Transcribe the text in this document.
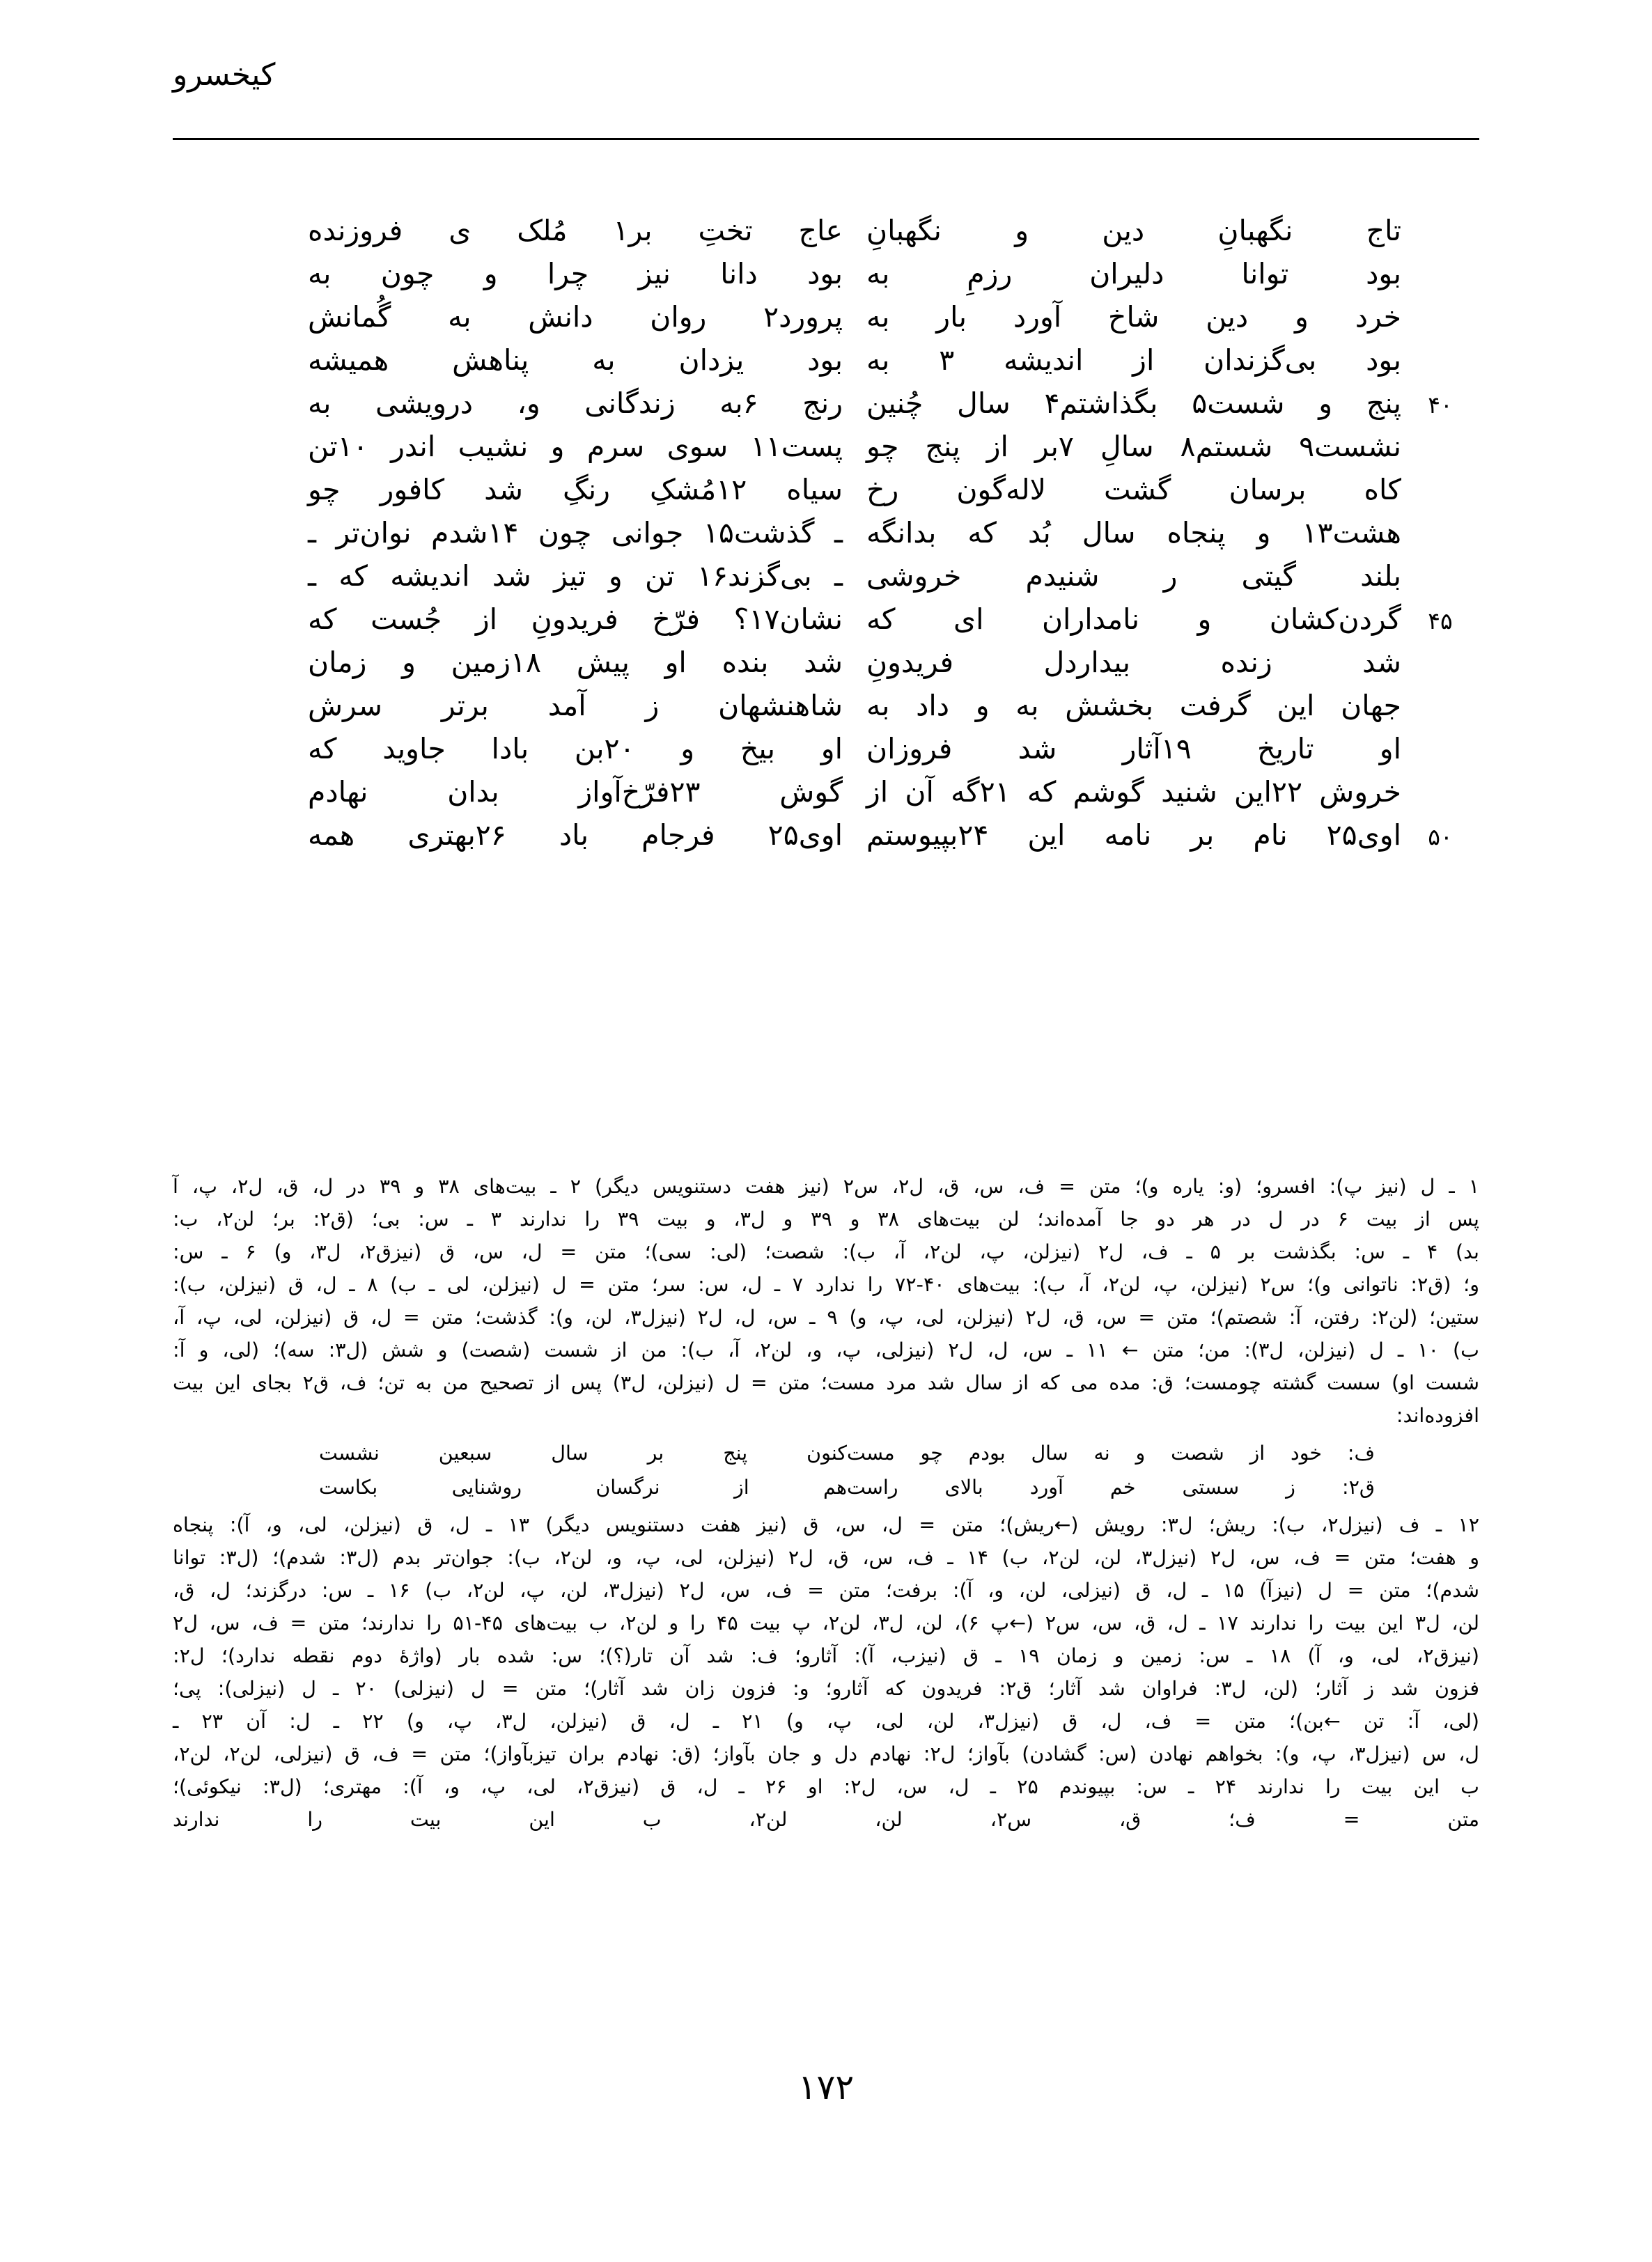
کیخسرو
تاج نگهبانِ دین و نگهبانِ
عاج تختِ بر‌۱ مُلک ى فروزنده
بود توانا دلیران رزمِ به
بود دانا نیز چرا و چون به
خرد و دین شاخ آورد بار به
پرورد‌۲ روان دانش به گُمانش
بود بی‌گزندان از اندیشه ۳ به
بود یزدان به پناهش همیشه
۴۰
پنج و شست‌۵ بگذاشتم‌۴ سال چُنین
رنج ۶به زندگانی و، درویشی به
نشست‌۹ شستم‌۸ سالِ ۷بر از پنج چو
پست‌۱۱ سوی سرم و نشیب اندر ۱۰تن
کاه برسان گشت لاله‌گون رخ
سیاه ۱۲مُشکِ رنگِ شد کافور چو
هشت‌۱۳ و پنجاه سال بُد که بدانگه
ـ گذشت‌۱۵ جوانی چون ۱۴شدم نوان‌تر ـ
بلند گیتی ر شنیدم خروشی
ـ بی‌گزند‌۱۶ تن و تیز شد اندیشه که ـ
۴۵
گردن‌کشان و نامداران ای که
نشان‌۱۷؟ فرّخ فریدونِ از جُست که
شد زنده بیداردل فریدونِ
شد بنده او پیش ۱۸زمین و زمان
جهان این گرفت بخشش به و داد به
شاهنشهان ز آمد برتر سرش
او تاریخ ۱۹آثار شد فروزان
او بیخ و ۲۰بن بادا جاوید که
خروش ۲۲این شنید گوشم که ۲۱گه آن از
گوش ۲۳فرّخ‌آواز بدان نهادم
۵۰
اوی‌۲۵ نام بر نامه این ۲۴بپیوستم
اوی‌۲۵ فرجام باد ۲۶بهتری همه
۱ ـ ل (نیز پ): افسرو؛ (و: یاره و)؛ متن = ف، س، ق، ل۲، س۲ (نیز هفت دستنویس دیگر) ۲ ـ بیت‌های ۳۸ و ۳۹ در ل، ق، ل۲، پ، آ
پس از بیت ۶ در ل در هر دو جا آمده‌اند؛ لن بیت‌های ۳۸ و ۳۹ و ل۳، و بیت ۳۹ را ندارند ۳ ـ س: بی؛ (ق۲: بر؛ لن۲، ب:
بد) ۴ ـ س: بگذشت بر ۵ ـ ف، ل۲ (نیزلن، پ، لن۲، آ، ب): شصت؛ (لی: سی)؛ متن = ل، س، ق (نیزق۲، ل۳، و) ۶ ـ س:
و؛ (ق۲: ناتوانی و)؛ س۲ (نیزلن، پ، لن۲، آ، ب): بیت‌های ۴۰-۷۲ را ندارد ۷ ـ ل، س: سر؛ متن = ل (نیزلن، لی ـ ب) ۸ ـ ل، ق (نیزلن، ب):
ستین؛ (لن۲: رفتن، آ: شصتم)؛ متن = س، ق، ل۲ (نیزلن، لی، پ، و) ۹ ـ س، ل، ل۲ (نیزل۳، لن، و): گذشت؛ متن = ل، ق (نیزلن، لی، پ، آ،
ب) ۱۰ ـ ل (نیزلن، ل۳): من؛ متن ← ۱۱ ـ س، ل، ل۲ (نیزلی، پ، و، لن۲، آ، ب): من از شست (شصت) و شش (ل۳: سه)؛ (لی، و آ:
شست او) سست گشته چومست؛ ق: مده می که از سال شد مرد مست؛ متن = ل (نیزلن، ل۳) پس از تصحیح من به تن؛ ف، ق۲ بجای این بیت
افزوده‌اند:
ف: خود از شصت و نه سال بودم چو مست
کنون پنج بر سال سبعین نشست
ق۲: ز سستی خم آورد بالای راست
هم از نرگسان روشنایی بکاست
۱۲ ـ ف (نیزل۲، ب): ریش؛ ل۳: رویش (←ریش)؛ متن = ل، س، ق (نیز هفت دستنویس دیگر) ۱۳ ـ ل، ق (نیزلن، لی، و، آ): پنجاه
و هفت؛ متن = ف، س، ل۲ (نیزل۳، لن، لن۲، ب) ۱۴ ـ ف، س، ق، ل۲ (نیزلن، لی، پ، و، لن۲، ب): جوان‌تر بدم (ل۳: شدم)؛ (ل۳: توانا
شدم)؛ متن = ل (نیزآ) ۱۵ ـ ل، ق (نیزلی، لن، و، آ): برفت؛ متن = ف، س، ل۲ (نیزل۳، لن، پ، لن۲، ب) ۱۶ ـ س: درگزند؛ ل، ق،
لن، ل۳ این بیت را ندارند ۱۷ ـ ل، ق، س، س۲ (←پ ۶)، لن، ل۳، لن۲، پ بیت ۴۵ را و لن۲، ب بیت‌های ۴۵-۵۱ را ندارند؛ متن = ف، س، ل۲
(نیزق۲، لی، و، آ) ۱۸ ـ س: زمین و زمان ۱۹ ـ ق (نیزب، آ): آثارو؛ ف: شد آن تار(؟)؛ س: شده بار (واژهٔ دوم نقطه ندارد)؛ ل۲:
فزون شد ز آثار؛ (لن، ل۳: فراوان شد آثار؛ ق۲: فریدون که آثارو؛ و: فزون زان شد آثار)؛ متن = ل (نیزلی) ۲۰ ـ ل (نیزلی): پی؛
(لی، آ: تن ←بن)؛ متن = ف، ل، ق (نیزل۳، لن، لی، پ، و) ۲۱ ـ ل، ق (نیزلن، ل۳، پ، و) ۲۲ ـ ل: آن ۲۳ ـ
ل، س (نیزل۳، پ، و): بخواهم نهادن (س: گشادن) بآواز؛ ل۲: نهادم دل و جان بآواز؛ (ق: نهادم بران تیزبآواز)؛ متن = ف، ق (نیزلی، لن۲، لن۲،
ب این بیت را ندارند ۲۴ ـ س: بپیوندم ۲۵ ـ ل، س، ل۲: او ۲۶ ـ ل، ق (نیزق۲، لی، پ، و، آ): مهتری؛ (ل۳: نیکوئی)؛
متن = ف؛ ق، س۲، لن، لن۲، ب این بیت را ندارند
۱۷۲
